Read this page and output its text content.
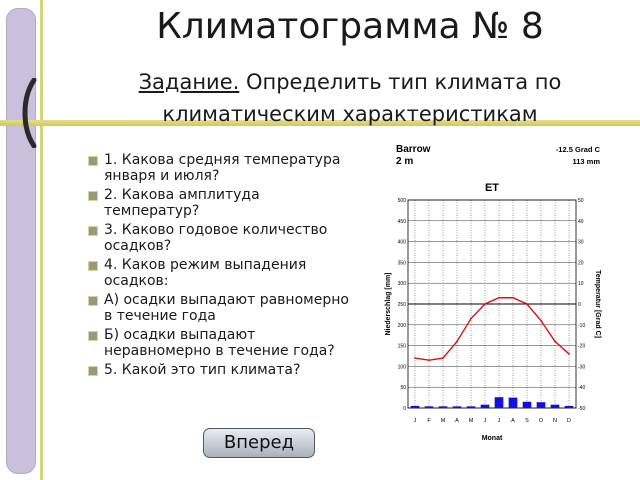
Климатограмма № 8
Задание. Определить тип климата по климатическим характеристикам
1. Какова средняя температура января и июля?
2. Какова амплитуда температур?
3. Каково годовое количество осадков?
4. Каков режим выпадения осадков:
А) осадки выпадают равномерно в течение года
Б) осадки выпадают неравномерно в течение года?
5. Какой это тип климата?
Barrow
2 m
-12.5 Grad C
113 mm
ET
Niederschlag [mm]	Temperatur [Grad C]
Monat
0
50
100
150
200
250
300
350
400
450
500
-50
-40
-30
-20
-10
0
10
20
30
40
50
J F M A M J J A S O N D
Вперед
